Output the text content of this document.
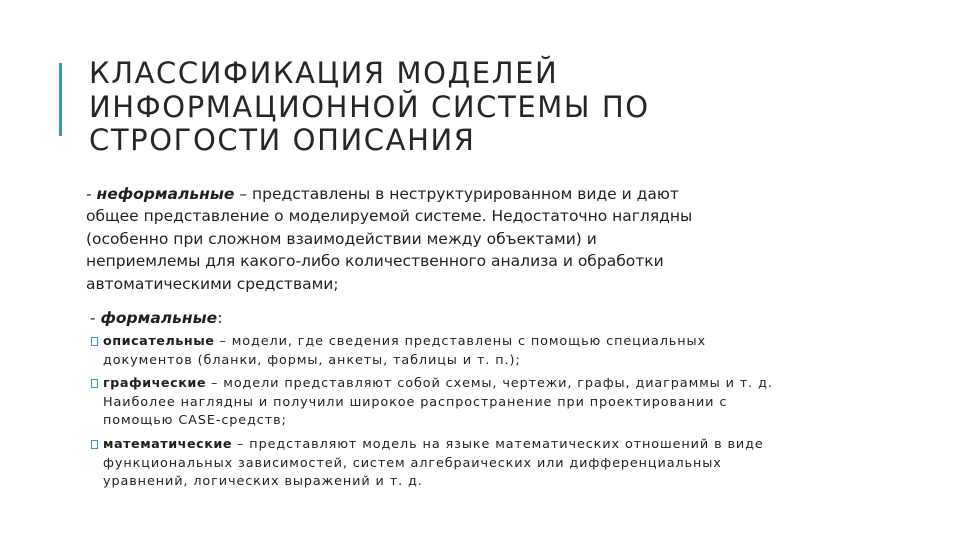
КЛАССИФИКАЦИЯ МОДЕЛЕЙ
ИНФОРМАЦИОННОЙ СИСТЕМЫ ПО
СТРОГОСТИ ОПИСАНИЯ

- неформальные – представлены в неструктурированном виде и дают
общее представление о моделируемой системе. Недостаточно наглядны
(особенно при сложном взаимодействии между объектами) и
неприемлемы для какого-либо количественного анализа и обработки
автоматическими средствами;

- формальные:

описательные – модели, где сведения представлены с помощью специальных
документов (бланки, формы, анкеты, таблицы и т. п.);
графические – модели представляют собой схемы, чертежи, графы, диаграммы и т. д.
Наиболее наглядны и получили широкое распространение при проектировании с
помощью CASE-средств;
математические – представляют модель на языке математических отношений в виде
функциональных зависимостей, систем алгебраических или дифференциальных
уравнений, логических выражений и т. д.
